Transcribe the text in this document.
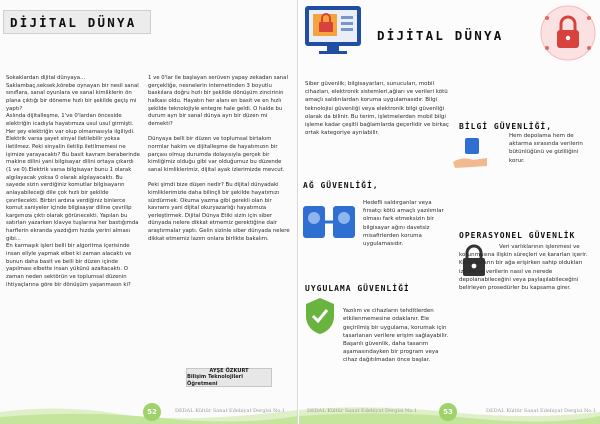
DİJİTAL DÜNYA
Sokaklardan dijital dünyaya...
Saklambaç,seksek,körebe oynayan bir nesil sanal sınıflara, sanal oyunlara ve sanal kimliklerin ön plana çıktığı bir döneme hızlı bir şekilde geçiş mi yaptı?
Aslında dijitalleşme, 1've 0'lardan önceside elektriğin icadıyla hayatımıza usul usul girmişti. Her şey elektriğin var olup olmamasıyla ilgiliydi. Elektrik varsa şayet sinyal iletilebilir yoksa iletilmez. Peki sinyalin iletilip iletilmemesi ne işimize yarayacaktı? Bu basit kavram beraberinde makine dilini yani bilgisayar dilini ortaya çıkardı (1 ve 0).Elektrik varsa bilgisayar bunu 1 olarak algılayacak yoksa 0 olarak algılayacaktı. Bu sayede sizin verdiğiniz komutlar bilgisayarın anlayabileceği dile çok hızlı bir şekilde çevrilecekti. Birbiri ardına verdiğiniz binlerce komut saniyeler içinde bilgisayar diline çevrilip kargımıza çıktı olarak görünecekti. Yapılan bu satırları yazarken klavye tuşlarına her bastığımda harflerin ekranda yazdığım hızda yerini alması gibi...
En karmaşık işleri belli bir algoritma içerisinde insan eliyle yapmak elbet ki zaman alacaktı ve bunun daha basit ve belli bir düzen içinde yapılması elbette insan yükünü azaltacaktı. O zaman neden sektörün ve toplumsal düzenin ihtiyaçlarına göre bir dönüşüm yaşanmasın ki?
1 ve 0'lar ile başlayan serüven yapay zekadan sanal gerçekliğe, nesnelerin internetinden 3 boyutlu baskılara doğru hızlı bir şekilde dönüşüm zincirinin halkası oldu. Hayatın her alanı en basit ve en hızlı şekilde teknolojiyle entegre hale geldi. O halde bu durum ayrı bir sanal dünya ayrı bir düzen mi demekti?

Dünyaya belli bir düzen ve toplumsal birtakım normlar hakim ve dijitalleşme de hayatımızın bir parçası olmuş durumda dolayısıyla gerçek bir kimliğimiz olduğu gibi var olduğumuz bu düzende sanal kimliklerimiz, dijital ayak izlerimizde mevcut.

Peki şimdi bize düşen nedir? Bu dijital dünyadaki kimliklerimizle daha bilinçli bir şekilde hayatımızı sürdürmek. Okuma yazma gibi gerekli olan bir kavramı yani dijital okuryazarlığı hayatımıza yerleştirmek. Dijital Dünya Etiki sizin için siber dünyada nelere dikkat etmemiz gerektiğine dair araştırmalar yaptı. Gelin sizinle siber dünyada nelere dikkat etmemiz lazım onlara birlikte bakalım.
AYŞE ÖZKURT
Bilişim Teknolojileri Öğretmeni
52	DEDAL Kültür Sanat Edebiyat Dergisi No.1
DİJİTAL DÜNYA
Siber güvenlik; bilgisayarları, sunucuları, mobil cihazları, elektronik sistemleri,ağları ve verileri kötü amaçlı saldırılardan koruma uygulamasıdır. Bilgi teknolojisi güvenliği veya elektronik bilgi güvenliği olarak da bilinir. Bu terim, işletmelerden mobil bilgi işleme kadar çeşitli bağlamlarda geçerlidir ve birkaç ortak kategoriye ayrılabilir.
AĞ GÜVENLİĞİ,
Hedefli saldırganlar veya fırsatçı kötü amaçlı yazılımlar olması fark etmeksizin bir bilgisayar ağını davetsiz misafirlerden koruma uygulamasıdır.
UYGULAMA GÜVENLİĞİ

Yazılım ve cihazların tehditlerden etkilenmemesine odaklanır. Ele geçirilmiş bir uygulama, korumak için tasarlanan verilere erişim sağlayabilir. Başarılı güvenlik, daha tasarım aşamasındayken bir program veya cihaz dağıtılmadan önce başlar.

BİLGİ GÜVENLİĞİ,
Hem depolama hem de aktarma sırasında verilerin bütünlüğünü ve gizliliğini korur.
OPERASYONEL GÜVENLİK
Veri varlıklarının işlenmesi ve korunmasına ilişkin süreçleri ve kararları içerir. Kullanıcıların bir ağa erişirken sahip oldukları izinler ve verilerin nasıl ve nerede depolanabileceğini veya paylaşılabileceğini belirleyen prosedürler bu kapsama girer.
DEDAL Kültür Sanat Edebiyat Dergisi No.1	53	DEDAL Kültür Sanat Edebiyat Dergisi No.1
